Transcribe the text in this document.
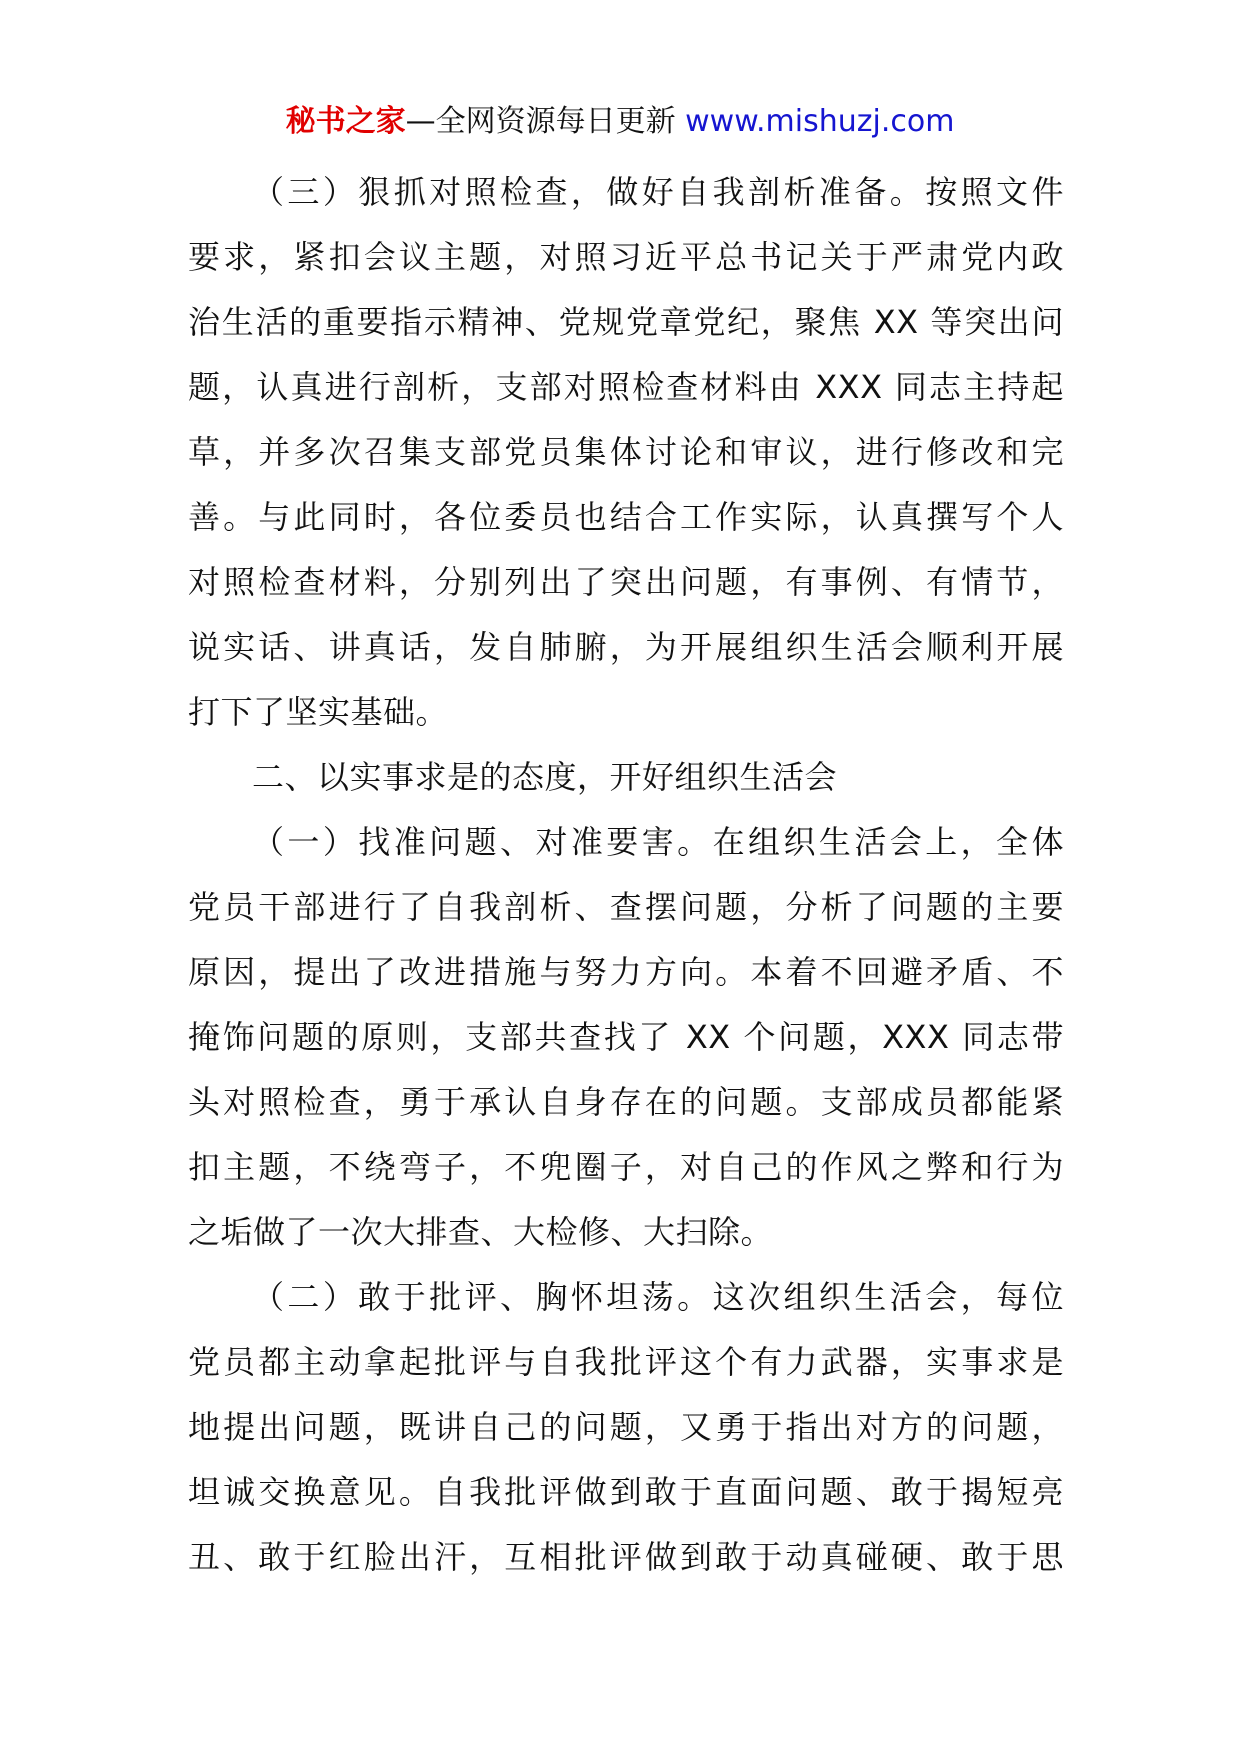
秘书之家—全网资源每日更新 www.mishuzj.com
（三）狠抓对照检查，做好自我剖析准备。按照文件
要求，紧扣会议主题，对照习近平总书记关于严肃党内政
治生活的重要指示精神、党规党章党纪，聚焦 XX 等突出问
题，认真进行剖析，支部对照检查材料由 XXX 同志主持起
草，并多次召集支部党员集体讨论和审议，进行修改和完
善。与此同时，各位委员也结合工作实际，认真撰写个人
对照检查材料，分别列出了突出问题，有事例、有情节，
说实话、讲真话，发自肺腑，为开展组织生活会顺利开展
打下了坚实基础。
二、以实事求是的态度，开好组织生活会
（一）找准问题、对准要害。在组织生活会上，全体
党员干部进行了自我剖析、查摆问题，分析了问题的主要
原因，提出了改进措施与努力方向。本着不回避矛盾、不
掩饰问题的原则，支部共查找了 XX 个问题，XXX 同志带
头对照检查，勇于承认自身存在的问题。支部成员都能紧
扣主题，不绕弯子，不兜圈子，对自己的作风之弊和行为
之垢做了一次大排查、大检修、大扫除。
（二）敢于批评、胸怀坦荡。这次组织生活会，每位
党员都主动拿起批评与自我批评这个有力武器，实事求是
地提出问题，既讲自己的问题，又勇于指出对方的问题，
坦诚交换意见。自我批评做到敢于直面问题、敢于揭短亮
丑、敢于红脸出汗，互相批评做到敢于动真碰硬、敢于思
